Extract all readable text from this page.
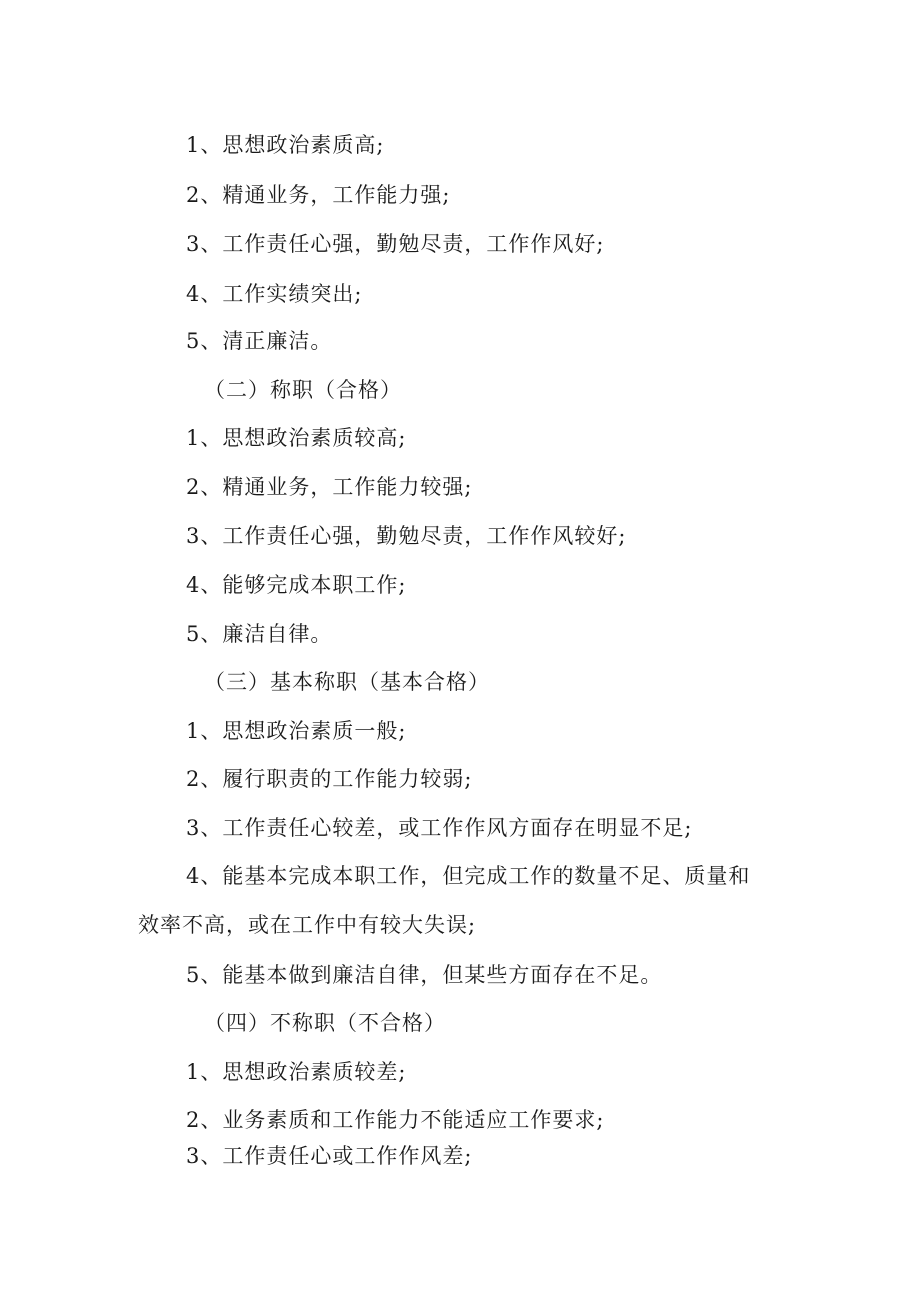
1、思想政治素质高;
2、精通业务，工作能力强;
3、工作责任心强，勤勉尽责，工作作风好;
4、工作实绩突出;
5、清正廉洁。
（二）称职（合格）
1、思想政治素质较高;
2、精通业务，工作能力较强;
3、工作责任心强，勤勉尽责，工作作风较好;
4、能够完成本职工作;
5、廉洁自律。
（三）基本称职（基本合格）
1、思想政治素质一般;
2、履行职责的工作能力较弱;
3、工作责任心较差，或工作作风方面存在明显不足;
4、能基本完成本职工作，但完成工作的数量不足、质量和
效率不高，或在工作中有较大失误;
5、能基本做到廉洁自律，但某些方面存在不足。
（四）不称职（不合格）
1、思想政治素质较差;
2、业务素质和工作能力不能适应工作要求;
3、工作责任心或工作作风差;
